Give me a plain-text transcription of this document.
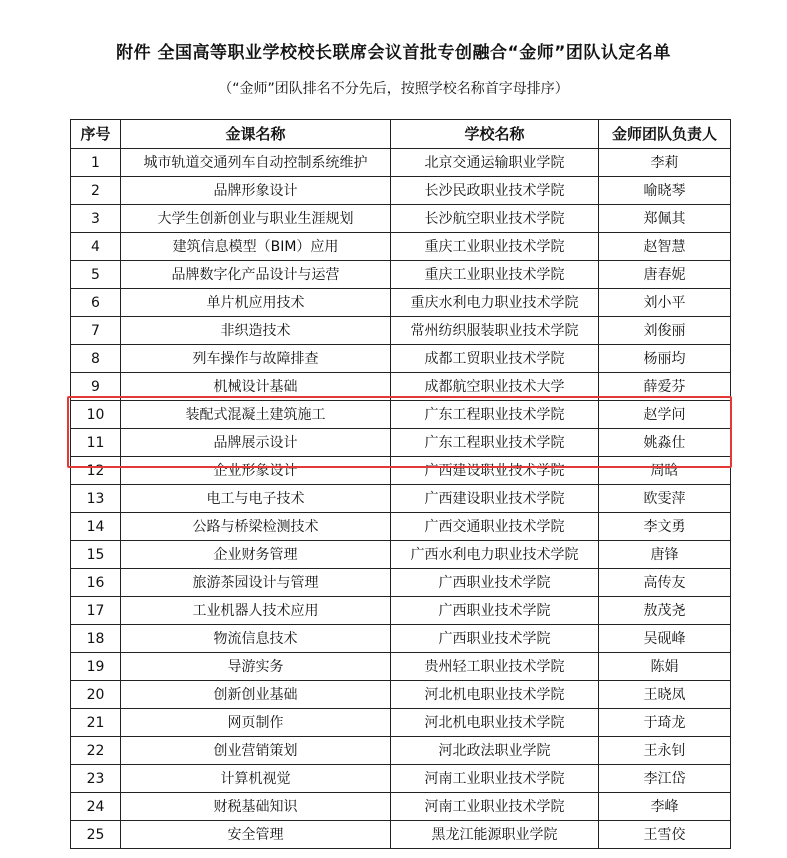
附件 全国高等职业学校校长联席会议首批专创融合“金师”团队认定名单
（“金师”团队排名不分先后，按照学校名称首字母排序）
序号	金课名称	学校名称	金师团队负责人
1	城市轨道交通列车自动控制系统维护	北京交通运输职业学院	李莉
2	品牌形象设计	长沙民政职业技术学院	喻晓琴
3	大学生创新创业与职业生涯规划	长沙航空职业技术学院	郑佩其
4	建筑信息模型（BIM）应用	重庆工业职业技术学院	赵智慧
5	品牌数字化产品设计与运营	重庆工业职业技术学院	唐春妮
6	单片机应用技术	重庆水利电力职业技术学院	刘小平
7	非织造技术	常州纺织服装职业技术学院	刘俊丽
8	列车操作与故障排查	成都工贸职业技术学院	杨丽均
9	机械设计基础	成都航空职业技术大学	薛爱芬
10	装配式混凝土建筑施工	广东工程职业技术学院	赵学问
11	品牌展示设计	广东工程职业技术学院	姚淼仕
12	企业形象设计	广西建设职业技术学院	周晗
13	电工与电子技术	广西建设职业技术学院	欧雯萍
14	公路与桥梁检测技术	广西交通职业技术学院	李文勇
15	企业财务管理	广西水利电力职业技术学院	唐锋
16	旅游茶园设计与管理	广西职业技术学院	高传友
17	工业机器人技术应用	广西职业技术学院	敖茂尧
18	物流信息技术	广西职业技术学院	吴砚峰
19	导游实务	贵州轻工职业技术学院	陈娟
20	创新创业基础	河北机电职业技术学院	王晓凤
21	网页制作	河北机电职业技术学院	于琦龙
22	创业营销策划	河北政法职业学院	王永钊
23	计算机视觉	河南工业职业技术学院	李江岱
24	财税基础知识	河南工业职业技术学院	李峰
25	安全管理	黑龙江能源职业学院	王雪佼
